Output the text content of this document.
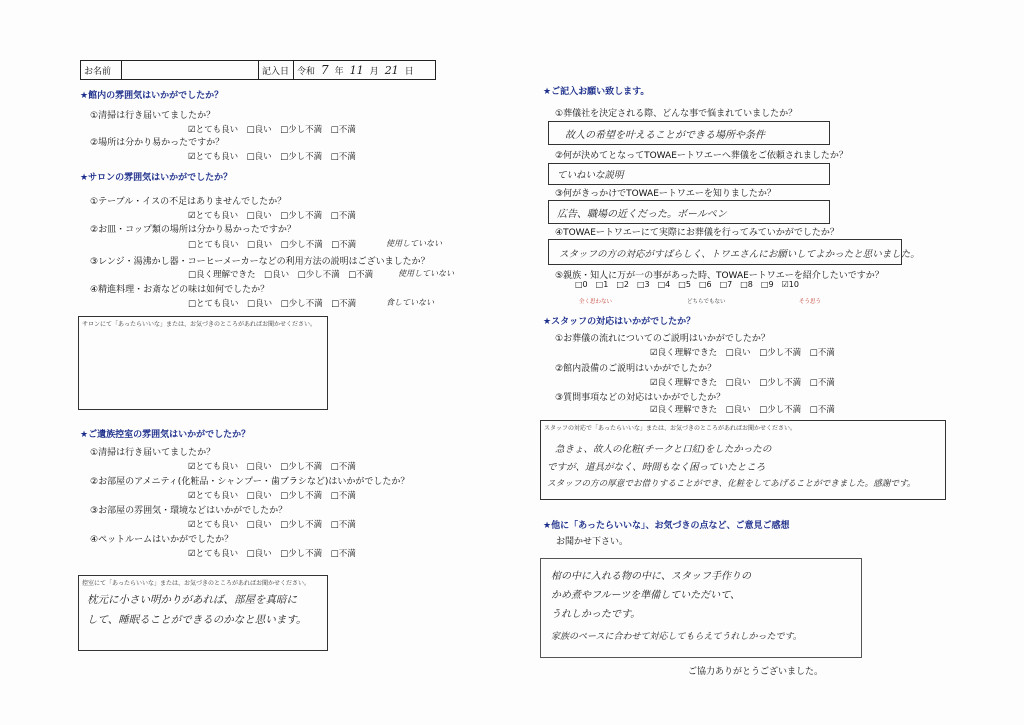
お名前	記入日 令和 7 年 11 月 21 日
★館内の雰囲気はいかがでしたか？
①清掃は行き届いてましたか？
☑とても良い　□良い　□少し不満　□不満
②場所は分かり易かったですか？
☑とても良い　□良い　□少し不満　□不満
★サロンの雰囲気はいかがでしたか？
①テーブル・イスの不足はありませんでしたか？
☑とても良い　□良い　□少し不満　□不満
②お皿・コップ類の場所は分かり易かったですか？
□とても良い　□良い　□少し不満　□不満	使用していない
③レンジ・湯沸かし器・コーヒーメーカーなどの利用方法の説明はございましたか？
□良く理解できた　□良い　□少し不満　□不満	使用していない
④精進料理・お斎などの味は如何でしたか？
□とても良い　□良い　□少し不満　□不満	食していない
サロンにて「あったらいいな」または、お気づきのところがあればお聞かせください。
★ご遺族控室の雰囲気はいかがでしたか？
①清掃は行き届いてましたか？
☑とても良い　□良い　□少し不満　□不満
②お部屋のアメニティ(化粧品・シャンプー・歯ブラシなど)はいかがでしたか？
☑とても良い　□良い　□少し不満　□不満
③お部屋の雰囲気・環境などはいかがでしたか？
☑とても良い　□良い　□少し不満　□不満
④ペットルームはいかがでしたか？
☑とても良い　□良い　□少し不満　□不満
控室にて「あったらいいな」または、お気づきのところがあればお聞かせください。
枕元に小さい明かりがあれば、部屋を真暗に
して、睡眠ることができるのかなと思います。
★ご記入お願い致します。
①葬儀社を決定される際、どんな事で悩まれていましたか？
故人の希望を叶えることができる場所や条件
②何が決めてとなってTOWAEートワエーへ葬儀をご依頼されましたか？
ていねいな説明
③何がきっかけでTOWAEートワエーを知りましたか？
広告、職場の近くだった。ボールペン
④TOWAEートワエーにて実際にお葬儀を行ってみていかがでしたか？
スタッフの方の対応がすばらしく、トワエさんにお願いしてよかったと思いました。
⑤親族・知人に万が一の事があった時、TOWAEートワエーを紹介したいですか？
□0 □1 □2 □3 □4 □5 □6 □7 □8 □9 ☑10
全く思わない	どちらでもない	そう思う
★スタッフの対応はいかがでしたか？
①お葬儀の流れについてのご説明はいかがでしたか？
☑良く理解できた　□良い　□少し不満　□不満
②館内設備のご説明はいかがでしたか？
☑良く理解できた　□良い　□少し不満　□不満
③質問事項などの対応はいかがでしたか？
☑良く理解できた　□良い　□少し不満　□不満
スタッフの対応で「あったらいいな」または、お気づきのところがあればお聞かせください。
急きょ、故人の化粧(チークと口紅)をしたかったの
ですが、道具がなく、時間もなく困っていたところ
スタッフの方の厚意でお借りすることができ、化粧をしてあげることができました。感謝です。
★他に「あったらいいな」、お気づきの点など、ご意見ご感想
お聞かせ下さい。
棺の中に入れる物の中に、スタッフ手作りの
かめ煮やフルーツを準備していただいて、
うれしかったです。
家族のペースに合わせて対応してもらえてうれしかったです。
ご協力ありがとうございました。
